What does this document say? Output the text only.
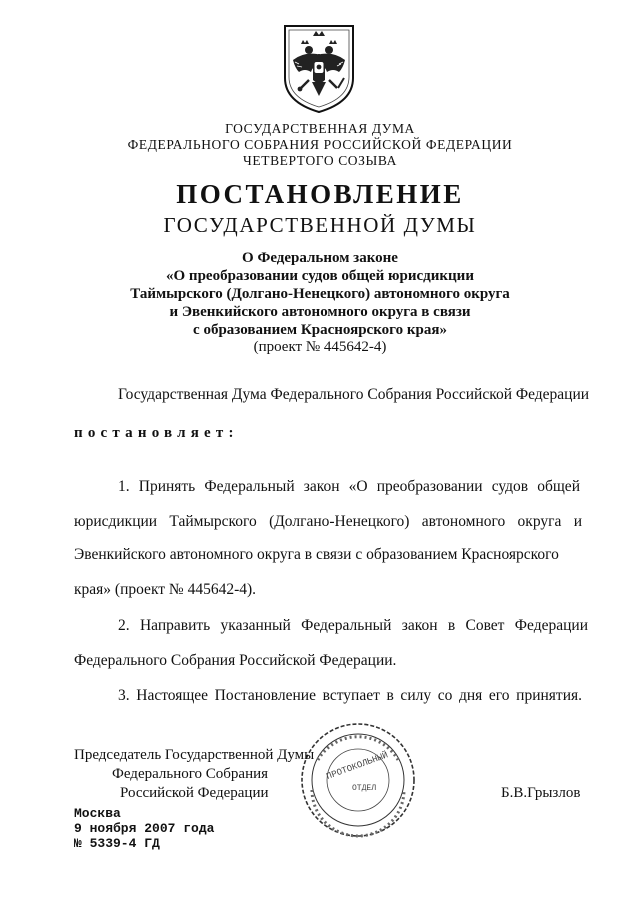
ГОСУДАРСТВЕННАЯ ДУМА
ФЕДЕРАЛЬНОГО СОБРАНИЯ РОССИЙСКОЙ ФЕДЕРАЦИИ
ЧЕТВЕРТОГО СОЗЫВА
ПОСТАНОВЛЕНИЕ
ГОСУДАРСТВЕННОЙ ДУМЫ
О Федеральном законе
«О преобразовании судов общей юрисдикции
Таймырского (Долгано-Ненецкого) автономного округа
и Эвенкийского автономного округа в связи
с образованием Красноярского края»
(проект № 445642-4)
Государственная Дума Федерального Собрания Российской Федерации
постановляет:
1. Принять Федеральный закон «О преобразовании судов общей
юрисдикции Таймырского (Долгано-Ненецкого) автономного округа и
Эвенкийского автономного округа в связи с образованием Красноярского
края» (проект № 445642-4).
2. Направить указанный Федеральный закон в Совет Федерации
Федерального Собрания Российской Федерации.
3. Настоящее Постановление вступает в силу со дня его принятия.
ПРОТОКОЛЬНЫЙ
ОТДЕЛ
Председатель Государственной Думы
Федерального Собрания
Российской Федерации	Б.В.Грызлов
Москва
9 ноября 2007 года
№ 5339-4 ГД
